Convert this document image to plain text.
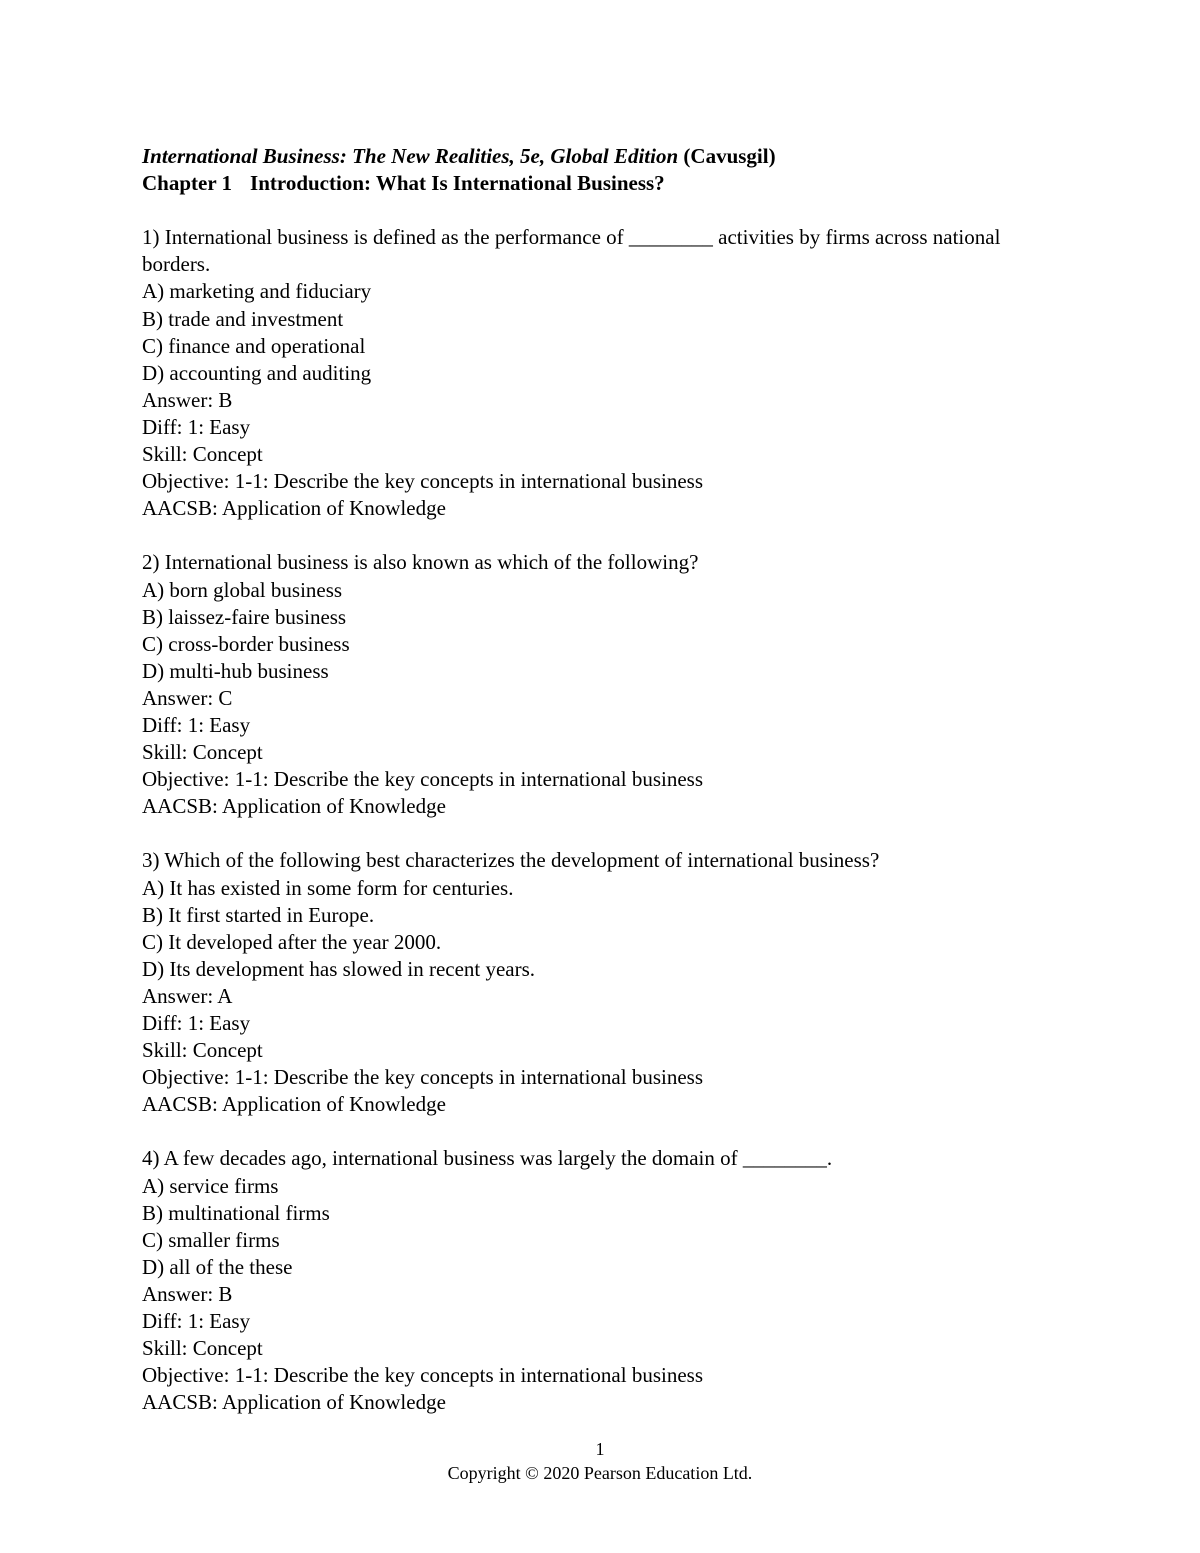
International Business: The New Realities, 5e, Global Edition (Cavusgil)
Chapter 1 Introduction: What Is International Business?
1) International business is defined as the performance of ________ activities by firms across national borders.
A) marketing and fiduciary
B) trade and investment
C) finance and operational
D) accounting and auditing
Answer: B
Diff: 1: Easy
Skill: Concept
Objective: 1-1: Describe the key concepts in international business
AACSB: Application of Knowledge
2) International business is also known as which of the following?
A) born global business
B) laissez-faire business
C) cross-border business
D) multi-hub business
Answer: C
Diff: 1: Easy
Skill: Concept
Objective: 1-1: Describe the key concepts in international business
AACSB: Application of Knowledge
3) Which of the following best characterizes the development of international business?
A) It has existed in some form for centuries.
B) It first started in Europe.
C) It developed after the year 2000.
D) Its development has slowed in recent years.
Answer: A
Diff: 1: Easy
Skill: Concept
Objective: 1-1: Describe the key concepts in international business
AACSB: Application of Knowledge
4) A few decades ago, international business was largely the domain of ________.
A) service firms
B) multinational firms
C) smaller firms
D) all of the these
Answer: B
Diff: 1: Easy
Skill: Concept
Objective: 1-1: Describe the key concepts in international business
AACSB: Application of Knowledge
1
Copyright © 2020 Pearson Education Ltd.
